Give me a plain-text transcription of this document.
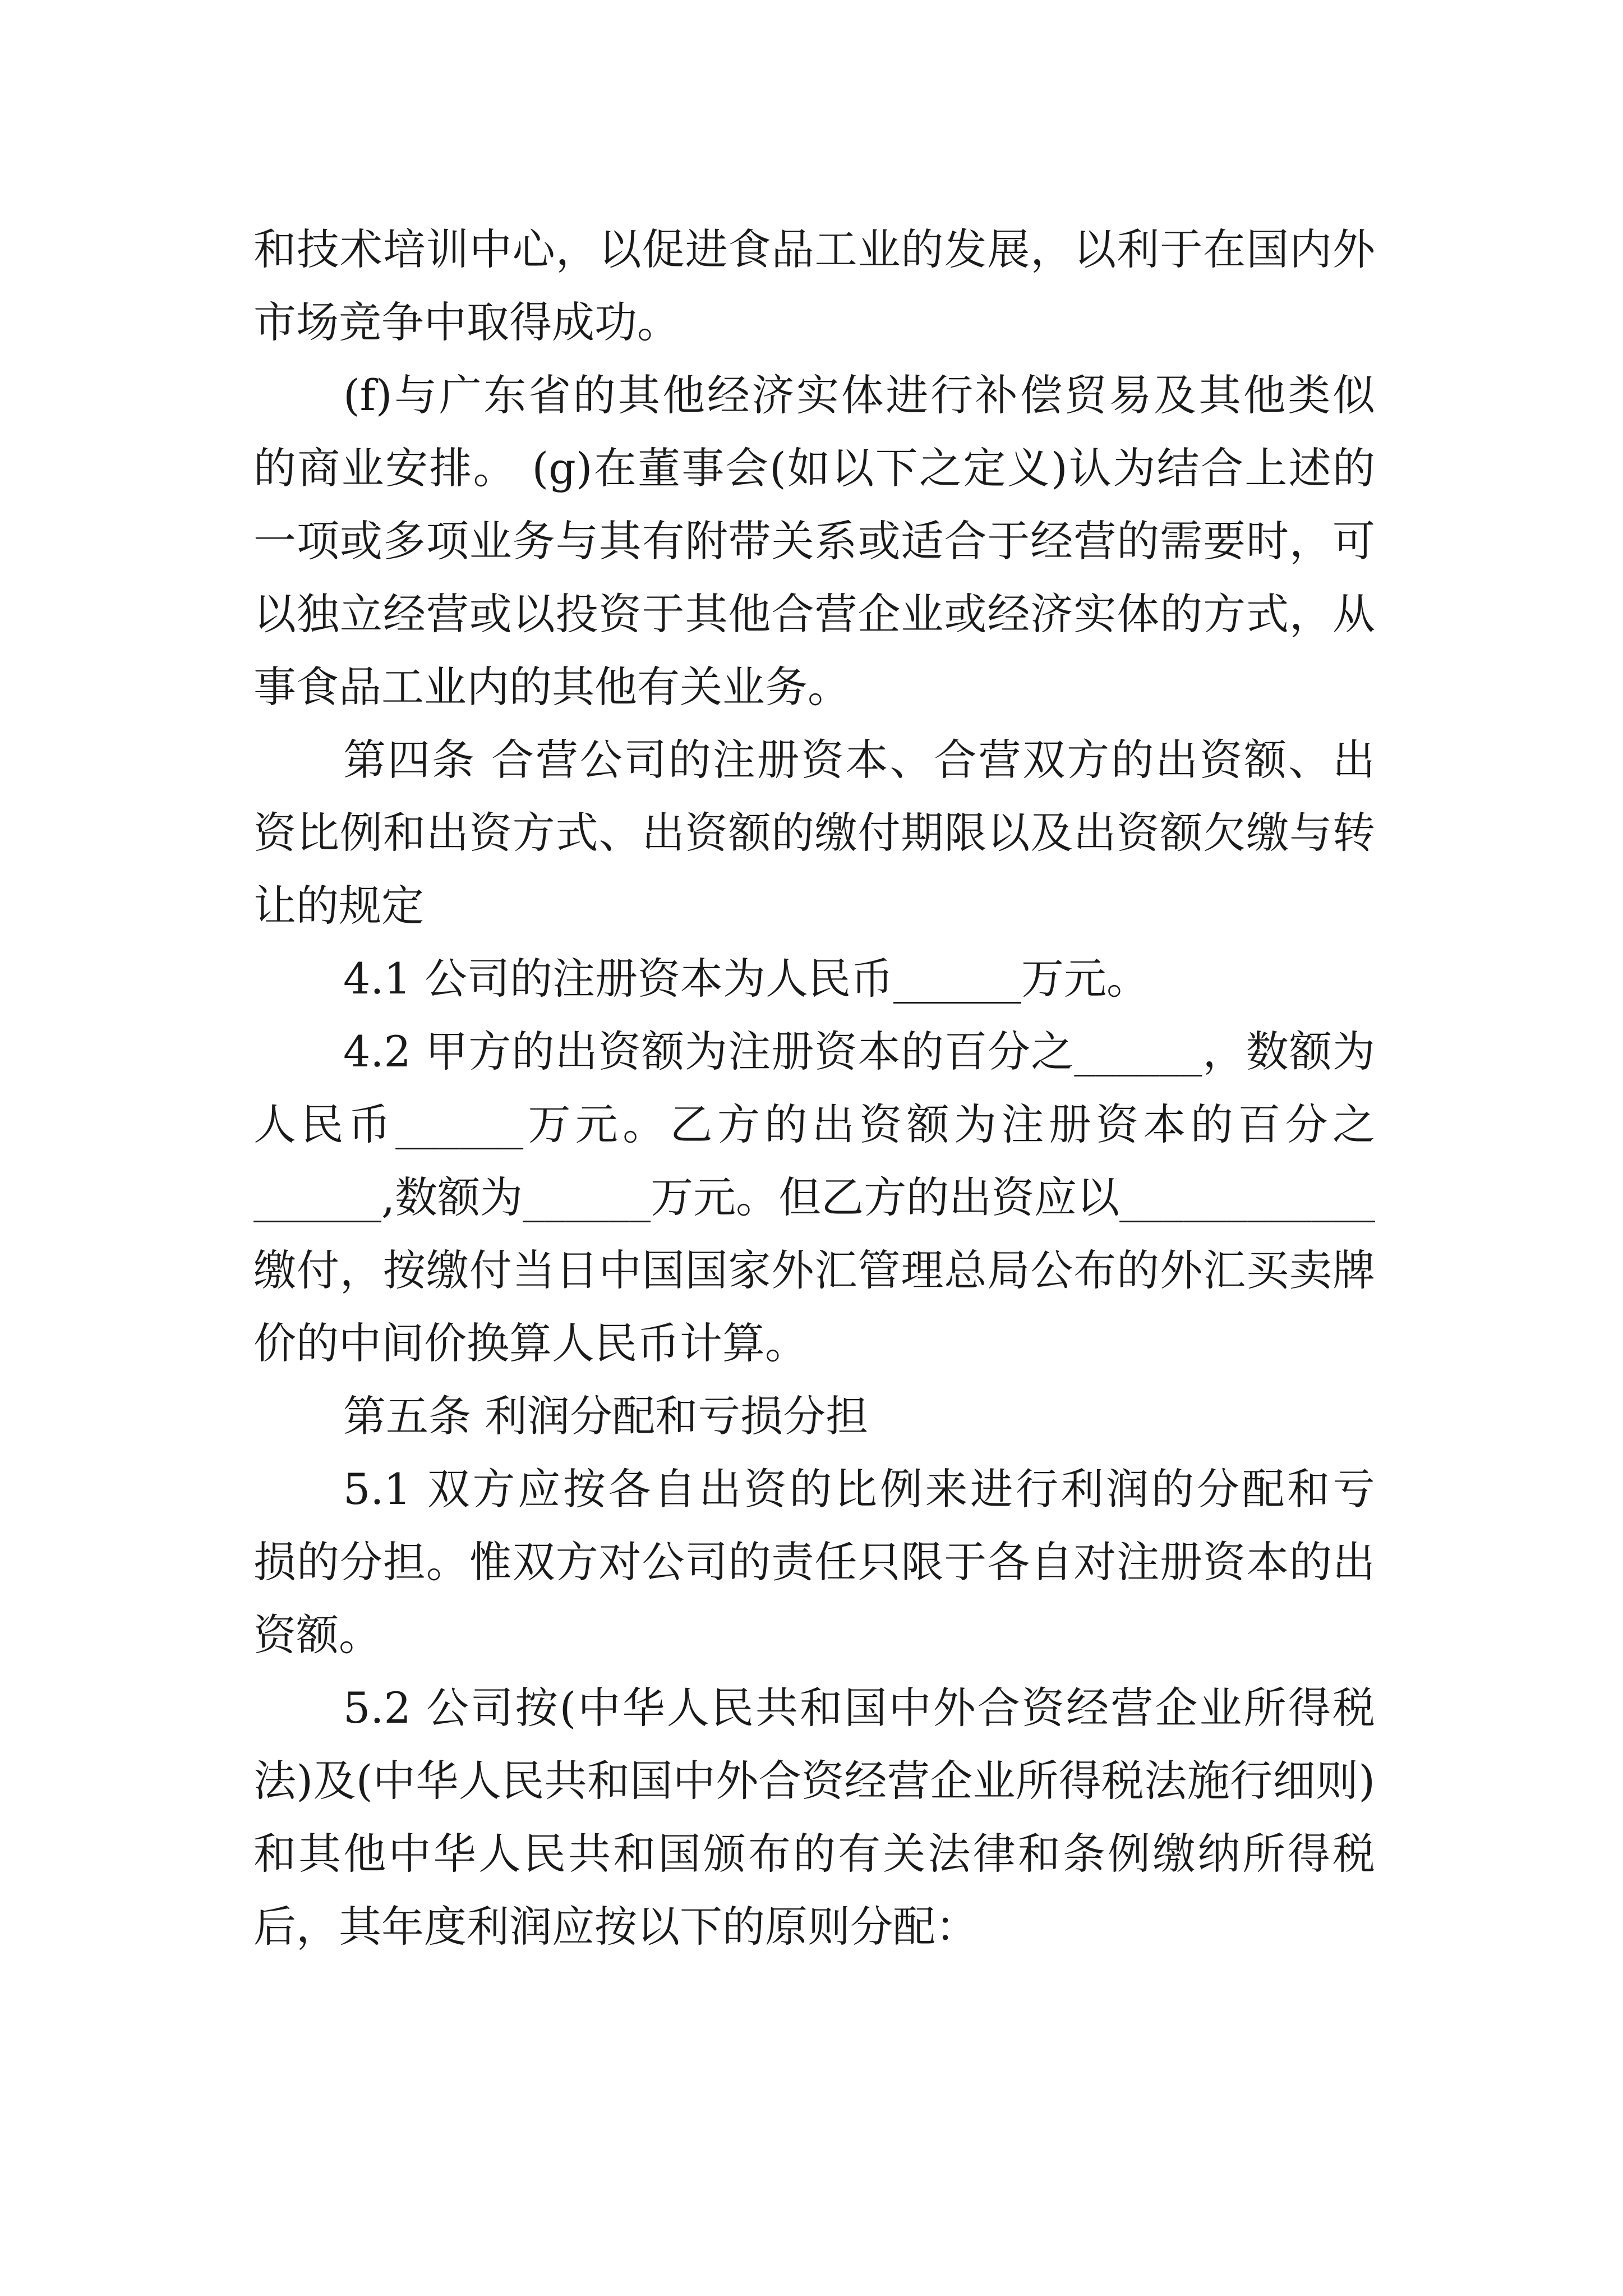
和技术培训中心，以促进食品工业的发展，以利于在国内外

市场竞争中取得成功。

(f)与广东省的其他经济实体进行补偿贸易及其他类似

的商业安排。 (g)在董事会(如以下之定义)认为结合上述的

一项或多项业务与其有附带关系或适合于经营的需要时，可

以独立经营或以投资于其他合营企业或经济实体的方式，从

事食品工业内的其他有关业务。

第四条 合营公司的注册资本、合营双方的出资额、出

资比例和出资方式、出资额的缴付期限以及出资额欠缴与转

让的规定

4.1 公司的注册资本为人民币______万元。

4.2 甲方的出资额为注册资本的百分之______，数额为

人民币______万元。乙方的出资额为注册资本的百分之

______,数额为______万元。但乙方的出资应以____________

缴付，按缴付当日中国国家外汇管理总局公布的外汇买卖牌

价的中间价换算人民币计算。

第五条 利润分配和亏损分担

5.1 双方应按各自出资的比例来进行利润的分配和亏

损的分担。惟双方对公司的责任只限于各自对注册资本的出

资额。

5.2 公司按(中华人民共和国中外合资经营企业所得税

法)及(中华人民共和国中外合资经营企业所得税法施行细则)

和其他中华人民共和国颁布的有关法律和条例缴纳所得税

后，其年度利润应按以下的原则分配：
